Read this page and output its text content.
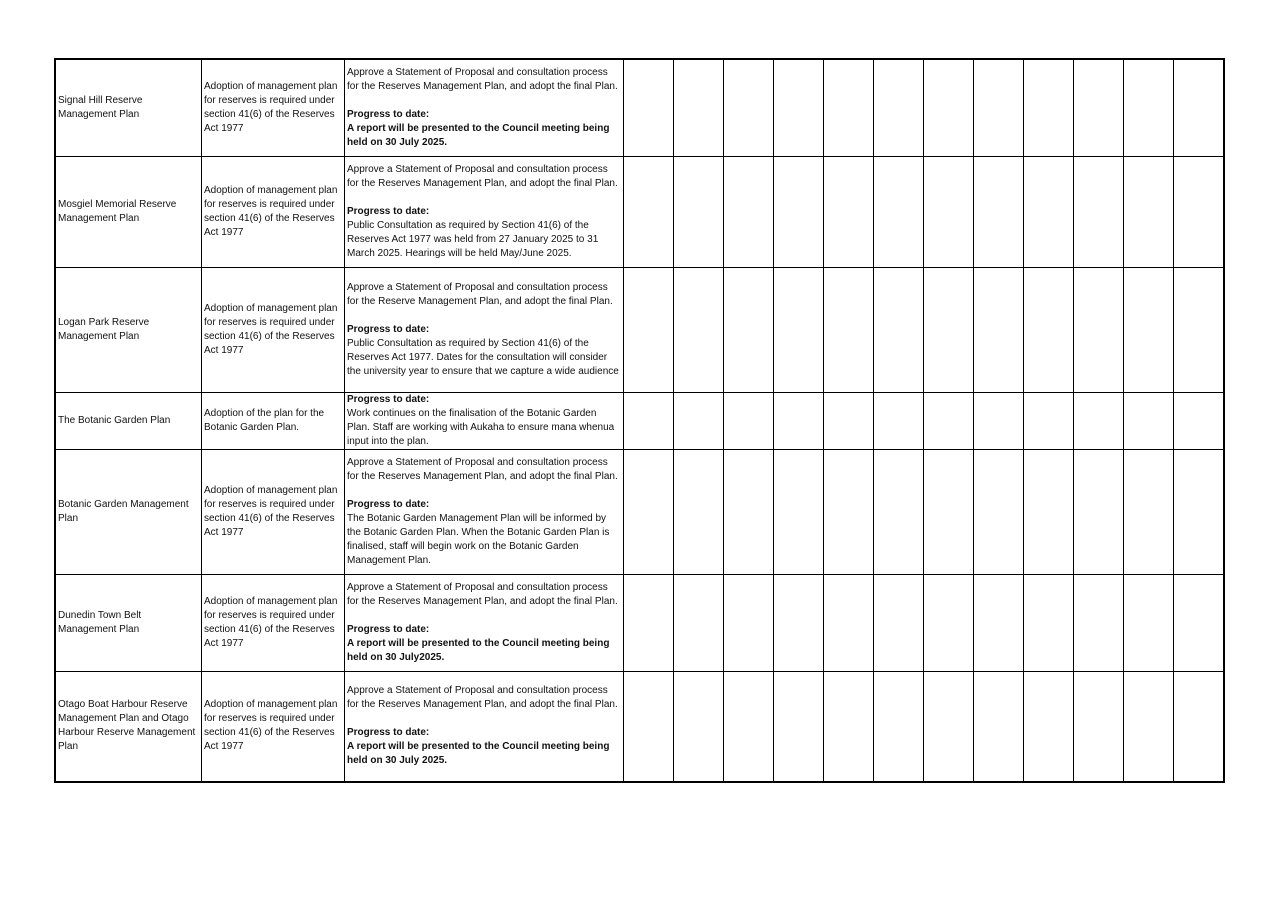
Signal Hill Reserve Management Plan	Adoption of management plan for reserves is required under section 41(6) of the Reserves Act 1977	Approve a Statement of Proposal and consultation process for the Reserves Management Plan, and adopt the final Plan.
Progress to date:
A report will be presented to the Council meeting being held on 30 July 2025.												
Mosgiel Memorial Reserve Management Plan	Adoption of management plan for reserves is required under section 41(6) of the Reserves Act 1977	Approve a Statement of Proposal and consultation process for the Reserves Management Plan, and adopt the final Plan.
Progress to date:
Public Consultation as required by Section 41(6) of the Reserves Act 1977 was held from 27 January 2025 to 31 March 2025. Hearings will be held May/June 2025.												
Logan Park Reserve Management Plan	Adoption of management plan for reserves is required under section 41(6) of the Reserves Act 1977	Approve a Statement of Proposal and consultation process for the Reserve Management Plan, and adopt the final Plan.
Progress to date:
Public Consultation as required by Section 41(6) of the Reserves Act 1977. Dates for the consultation will consider the university year to ensure that we capture a wide audience												
The Botanic Garden Plan	Adoption of the plan for the Botanic Garden Plan.	Progress to date:
Work continues on the finalisation of the Botanic Garden Plan. Staff are working with Aukaha to ensure mana whenua input into the plan.												
Botanic Garden Management Plan	Adoption of management plan for reserves is required under section 41(6) of the Reserves Act 1977	Approve a Statement of Proposal and consultation process for the Reserves Management Plan, and adopt the final Plan.
Progress to date:
The Botanic Garden Management Plan will be informed by the Botanic Garden Plan. When the Botanic Garden Plan is finalised, staff will begin work on the Botanic Garden Management Plan.												
Dunedin Town Belt Management Plan	Adoption of management plan for reserves is required under section 41(6) of the Reserves Act 1977	Approve a Statement of Proposal and consultation process for the Reserves Management Plan, and adopt the final Plan.
Progress to date:
A report will be presented to the Council meeting being held on 30 July2025.												
Otago Boat Harbour Reserve Management Plan and Otago Harbour Reserve Management Plan	Adoption of management plan for reserves is required under section 41(6) of the Reserves Act 1977	Approve a Statement of Proposal and consultation process for the Reserves Management Plan, and adopt the final Plan.
Progress to date:
A report will be presented to the Council meeting being held on 30 July 2025.												
